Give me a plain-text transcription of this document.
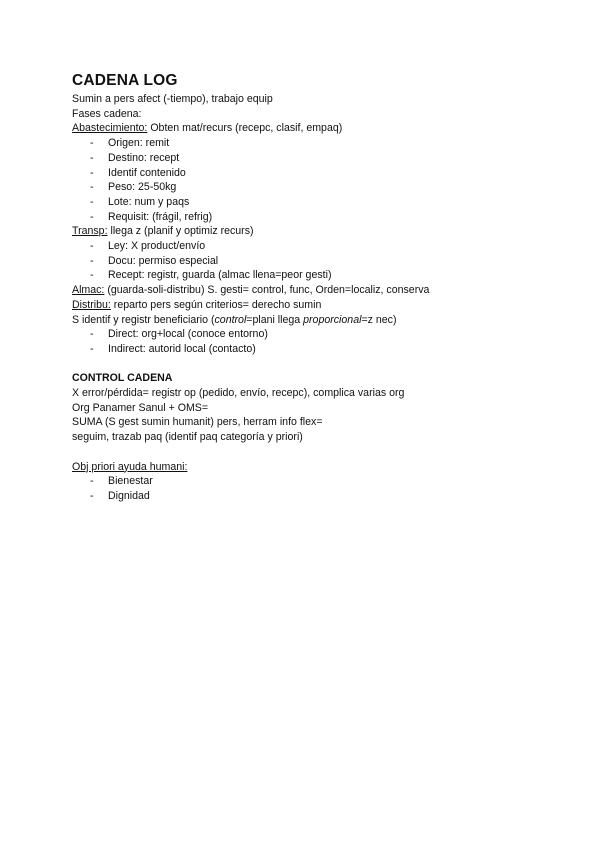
CADENA LOG
Sumin a pers afect (-tiempo), trabajo equip
Fases cadena:
Abastecimiento: Obten mat/recurs (recepc, clasif, empaq)
- Origen: remit
- Destino: recept
- Identif contenido
- Peso: 25-50kg
- Lote: num y paqs
- Requisit: (frágil, refrig)
Transp: llega z (planif y optimiz recurs)
- Ley: X product/envío
- Docu: permiso especial
- Recept: registr, guarda (almac llena=peor gesti)
Almac: (guarda-soli-distribu) S. gesti= control, func, Orden=localiz, conserva
Distribu: reparto pers según criterios= derecho sumin
S identif y registr beneficiario (control=plani llega proporcional=z nec)
- Direct: org+local (conoce entorno)
- Indirect: autorid local (contacto)
CONTROL CADENA
X error/pérdida= registr op (pedido, envío, recepc), complica varias org
Org Panamer Sanul + OMS=
SUMA (S gest sumin humanit) pers, herram info flex=
seguim, trazab paq (identif paq categoría y priori)
Obj priori ayuda humani:
- Bienestar
- Dignidad
